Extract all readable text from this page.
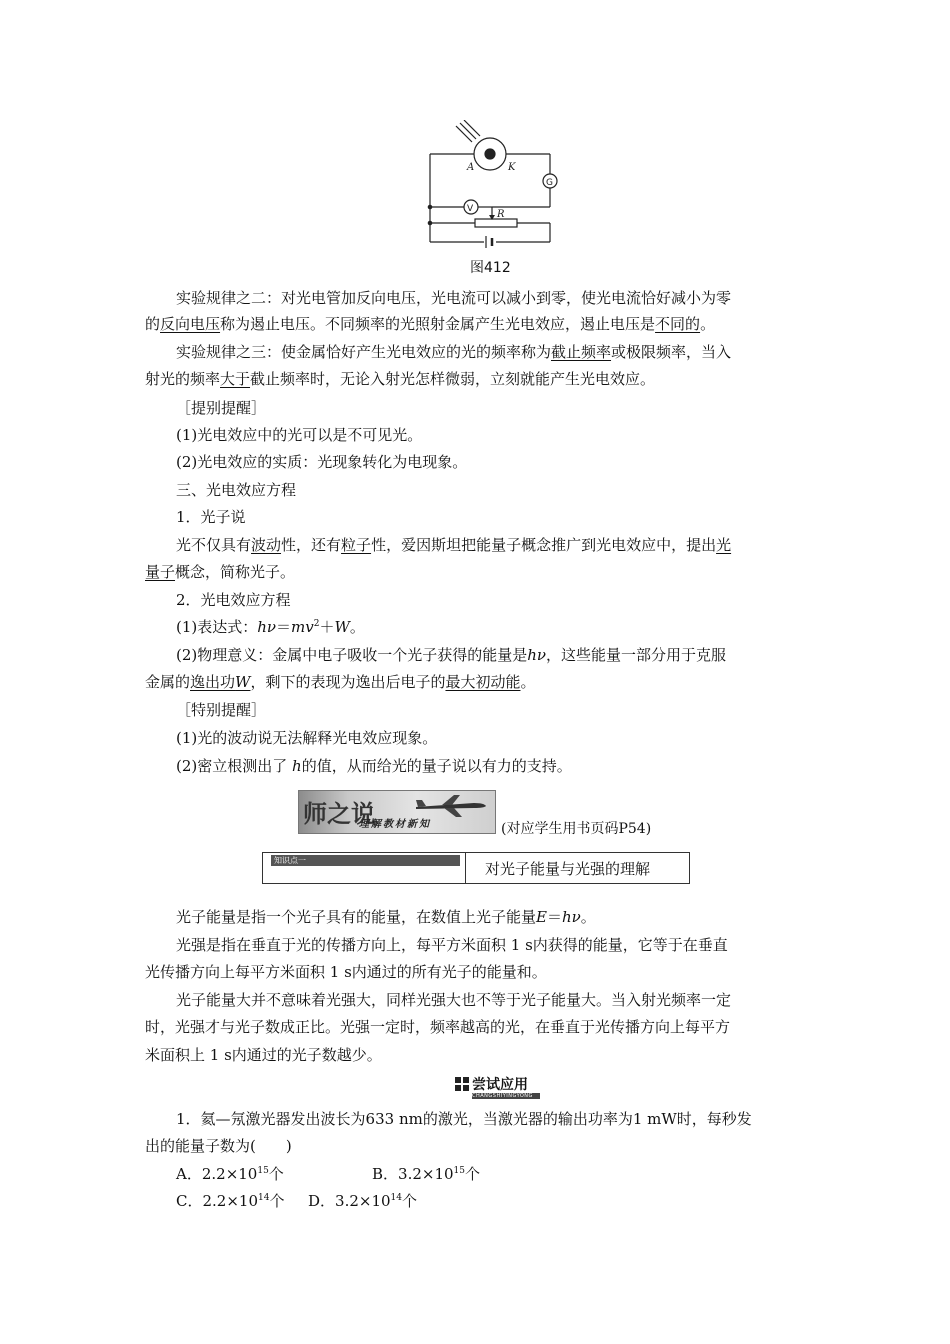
A	K
G
V R
图412
实验规律之二：对光电管加反向电压，光电流可以减小到零，使光电流恰好减小为零
的反向电压称为遏止电压。不同频率的光照射金属产生光电效应，遏止电压是不同的。
实验规律之三：使金属恰好产生光电效应的光的频率称为截止频率或极限频率，当入
射光的频率大于截止频率时，无论入射光怎样微弱，立刻就能产生光电效应。
［提别提醒］
(1)光电效应中的光可以是不可见光。
(2)光电效应的实质：光现象转化为电现象。
三、光电效应方程
1．光子说
光不仅具有波动性，还有粒子性，爱因斯坦把能量子概念推广到光电效应中，提出光
量子概念，简称光子。
2．光电效应方程
(1)表达式：$h\nu=mv^2+W$。
(2)物理意义：金属中电子吸收一个光子获得的能量是hν，这些能量一部分用于克服
金属的逸出功W，剩下的表现为逸出后电子的最大初动能。
［特别提醒］
(1)光的波动说无法解释光电效应现象。
(2)密立根测出了 h的值，从而给光的量子说以有力的支持。
师之说
理解教材新知	(对应学生用书页码P54)
知识点一	对光子能量与光强的理解
光子能量是指一个光子具有的能量，在数值上光子能量E＝hν。
光强是指在垂直于光的传播方向上，每平方米面积 1 s内获得的能量，它等于在垂直
光传播方向上每平方米面积 1 s内通过的所有光子的能量和。
光子能量大并不意味着光强大，同样光强大也不等于光子能量大。当入射光频率一定
时，光强才与光子数成正比。光强一定时，频率越高的光，在垂直于光传播方向上每平方
米面积上 1 s内通过的光子数越少。
尝试应用
CHANGSHIYINGYONG
1．氦—氖激光器发出波长为633 nm的激光，当激光器的输出功率为1 mW时，每秒发
出的能量子数为(　　)
A．$2.2\times 10^{15}$个	B．$3.2\times 10^{15}$个
C．$2.2\times 10^{14}$个 D．$3.2\times 10^{14}$个
